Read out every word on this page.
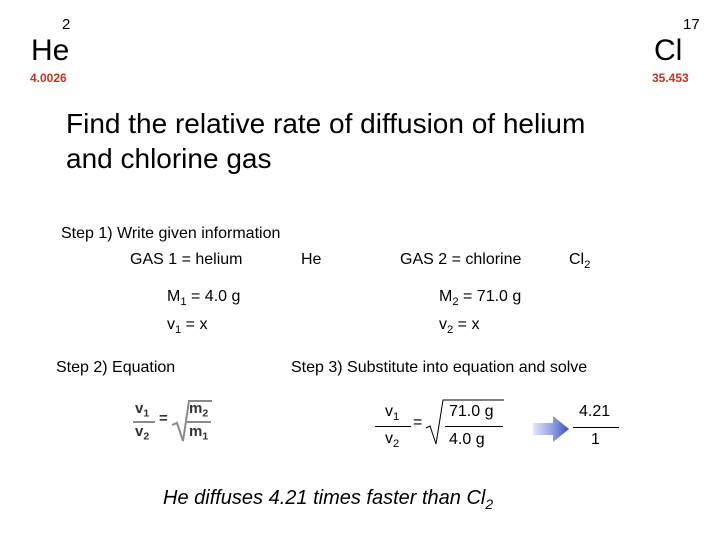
2
He
4.0026
17
Cl
35.453
Find the relative rate of diffusion of helium
and chlorine gas
Step 1) Write given information
GAS 1 = helium	He	GAS 2 = chlorine	$Cl_2$
$M_1 = 4.0$ g
$v_1 = x$
$M_2 = 71.0$ g
$v_2 = x$
Step 2) Equation
$v_1$
$v_2$
=
$m_2$
$m_1$
Step 3) Substitute into equation and solve
$v_1$
$v_2$
=
71.0 g
4.0 g
4.21
1
He diffuses 4.21 times faster than $Cl_2$
